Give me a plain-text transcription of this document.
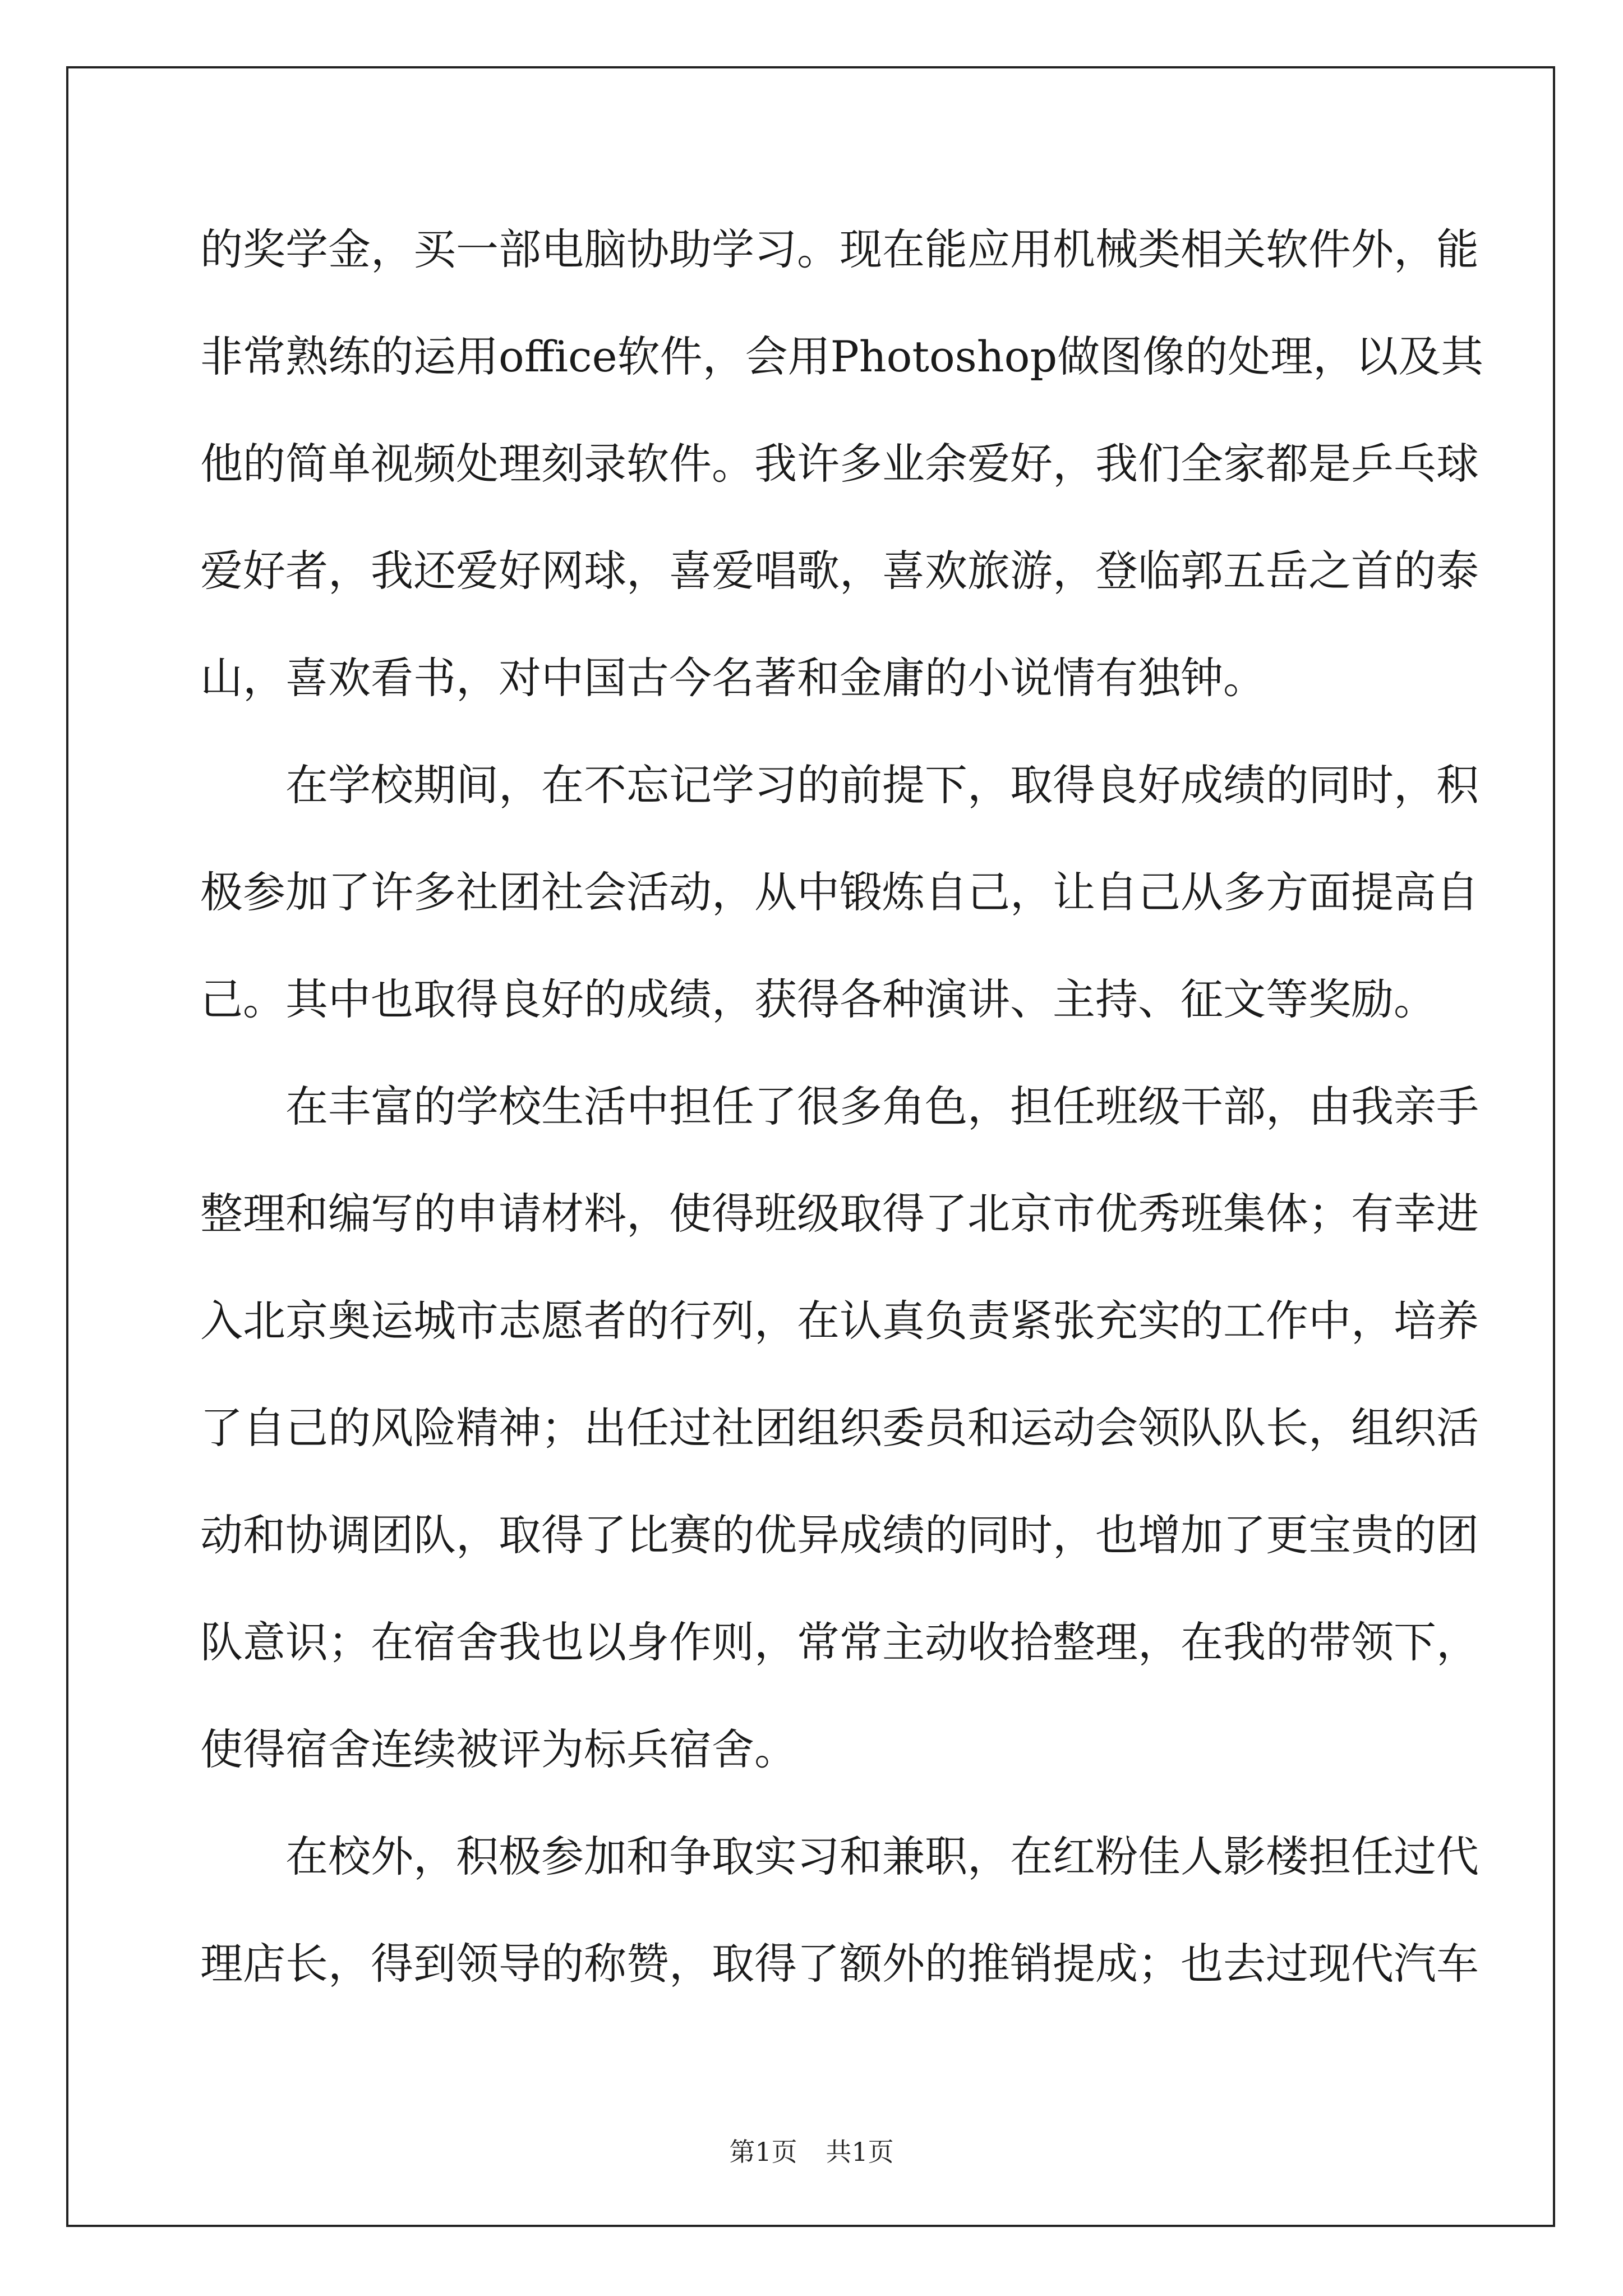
的奖学金，买一部电脑协助学习。现在能应用机械类相关软件外，能
非常熟练的运用office软件，会用Photoshop做图像的处理，以及其
他的简单视频处理刻录软件。我许多业余爱好，我们全家都是乒乓球
爱好者，我还爱好网球，喜爱唱歌，喜欢旅游，登临郭五岳之首的泰
山，喜欢看书，对中国古今名著和金庸的小说情有独钟。
　　在学校期间，在不忘记学习的前提下，取得良好成绩的同时，积
极参加了许多社团社会活动，从中锻炼自己，让自己从多方面提高自
己。其中也取得良好的成绩，获得各种演讲、主持、征文等奖励。
　　在丰富的学校生活中担任了很多角色，担任班级干部，由我亲手
整理和编写的申请材料，使得班级取得了北京市优秀班集体；有幸进
入北京奥运城市志愿者的行列，在认真负责紧张充实的工作中，培养
了自己的风险精神；出任过社团组织委员和运动会领队队长，组织活
动和协调团队，取得了比赛的优异成绩的同时，也增加了更宝贵的团
队意识；在宿舍我也以身作则，常常主动收拾整理，在我的带领下，
使得宿舍连续被评为标兵宿舍。
　　在校外，积极参加和争取实习和兼职，在红粉佳人影楼担任过代
理店长，得到领导的称赞，取得了额外的推销提成；也去过现代汽车
第1页 共1页
